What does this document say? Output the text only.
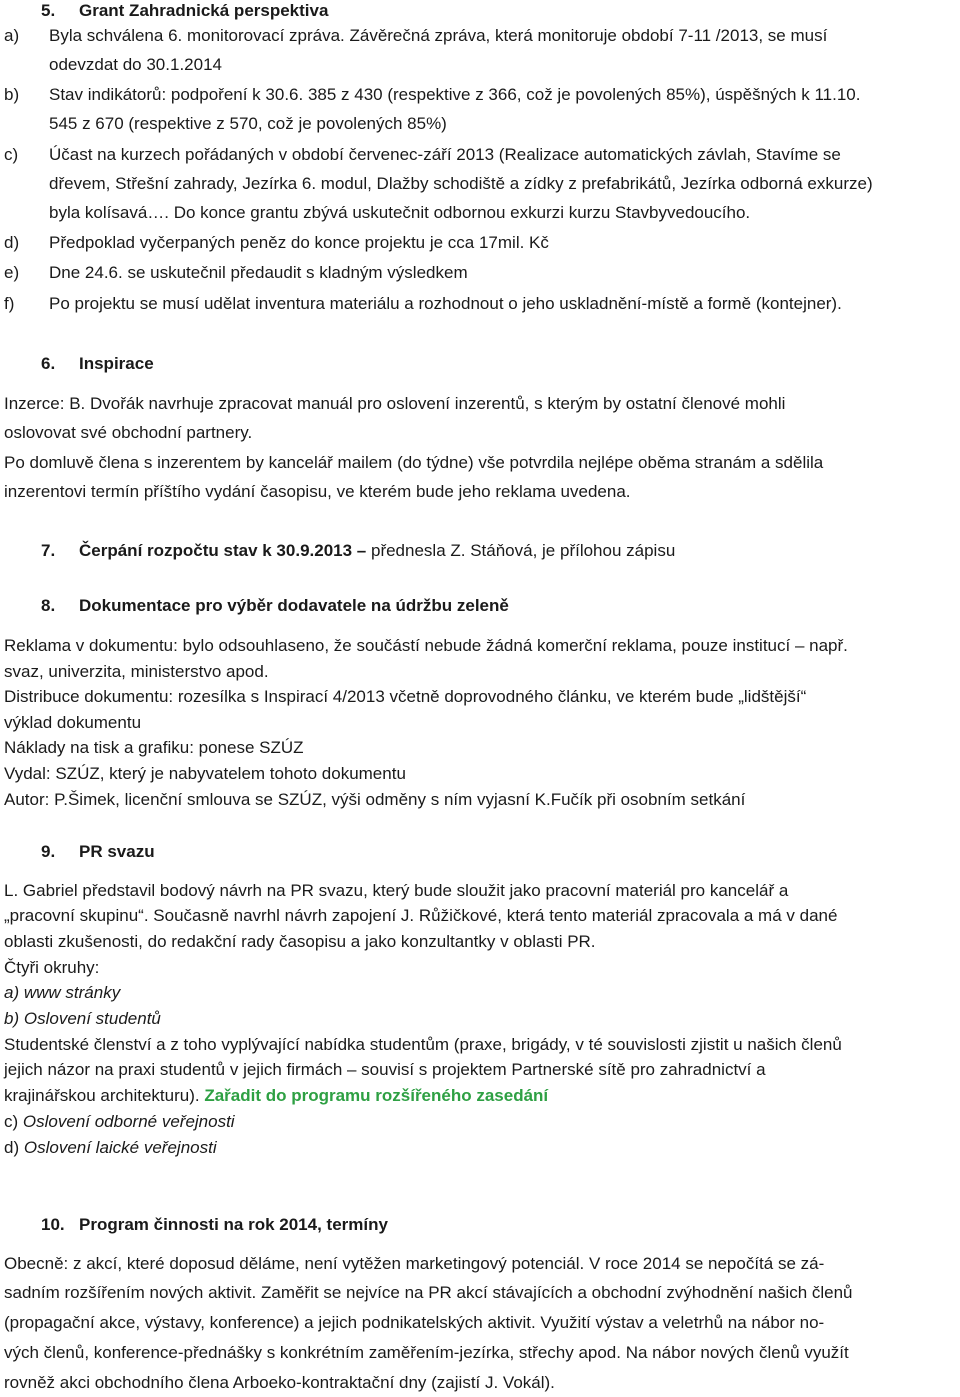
5. Grant Zahradnická perspektiva
a) Byla schválena 6. monitorovací zpráva. Závěrečná zpráva, která monitoruje období 7-11 /2013, se musí
odevzdat do 30.1.2014
b) Stav indikátorů: podpoření k 30.6. 385 z 430 (respektive z 366, což je povolených 85%), úspěšných k 11.10.
545 z 670 (respektive z 570, což je povolených 85%)
c) Účast na kurzech pořádaných v období červenec-září 2013 (Realizace automatických závlah, Stavíme se
dřevem, Střešní zahrady, Jezírka 6. modul, Dlažby schodiště a zídky z prefabrikátů, Jezírka odborná exkurze)
byla kolísavá…. Do konce grantu zbývá uskutečnit odbornou exkurzi kurzu Stavbyvedoucího.
d) Předpoklad vyčerpaných peněz do konce projektu je cca 17mil. Kč
e) Dne 24.6. se uskutečnil předaudit s kladným výsledkem
f) Po projektu se musí udělat inventura materiálu a rozhodnout o jeho uskladnění-místě a formě (kontejner).
6. Inspirace
Inzerce: B. Dvořák navrhuje zpracovat manuál pro oslovení inzerentů, s kterým by ostatní členové mohli
oslovovat své obchodní partnery.
Po domluvě člena s inzerentem by kancelář mailem (do týdne) vše potvrdila nejlépe oběma stranám a sdělila
inzerentovi termín příštího vydání časopisu, ve kterém bude jeho reklama uvedena.
7. Čerpání rozpočtu stav k 30.9.2013 – přednesla Z. Stáňová, je přílohou zápisu
8. Dokumentace pro výběr dodavatele na údržbu zeleně
Reklama v dokumentu: bylo odsouhlaseno, že součástí nebude žádná komerční reklama, pouze institucí – např.
svaz, univerzita, ministerstvo apod.
Distribuce dokumentu: rozesílka s Inspirací 4/2013 včetně doprovodného článku, ve kterém bude „lidštější“
výklad dokumentu
Náklady na tisk a grafiku: ponese SZÚZ
Vydal: SZÚZ, který je nabyvatelem tohoto dokumentu
Autor: P.Šimek, licenční smlouva se SZÚZ, výši odměny s ním vyjasní K.Fučík při osobním setkání
9. PR svazu
L. Gabriel představil bodový návrh na PR svazu, který bude sloužit jako pracovní materiál pro kancelář a
„pracovní skupinu“. Současně navrhl návrh zapojení J. Růžičkové, která tento materiál zpracovala a má v dané
oblasti zkušenosti, do redakční rady časopisu a jako konzultantky v oblasti PR.
Čtyři okruhy:
a) www stránky
b) Oslovení studentů
Studentské členství a z toho vyplývající nabídka studentům (praxe, brigády, v té souvislosti zjistit u našich členů
jejich názor na praxi studentů v jejich firmách – souvisí s projektem Partnerské sítě pro zahradnictví a
krajinářskou architekturu). Zařadit do programu rozšířeného zasedání
c) Oslovení odborné veřejnosti
d) Oslovení laické veřejnosti
10. Program činnosti na rok 2014, termíny
Obecně: z akcí, které doposud děláme, není vytěžen marketingový potenciál. V roce 2014 se nepočítá se zá-
sadním rozšířením nových aktivit. Zaměřit se nejvíce na PR akcí stávajících a obchodní zvýhodnění našich členů
(propagační akce, výstavy, konference) a jejich podnikatelských aktivit. Využití výstav a veletrhů na nábor no-
vých členů, konference-přednášky s konkrétním zaměřením-jezírka, střechy apod. Na nábor nových členů využít
rovněž akci obchodního člena Arboeko-kontraktační dny (zajistí J. Vokál).
